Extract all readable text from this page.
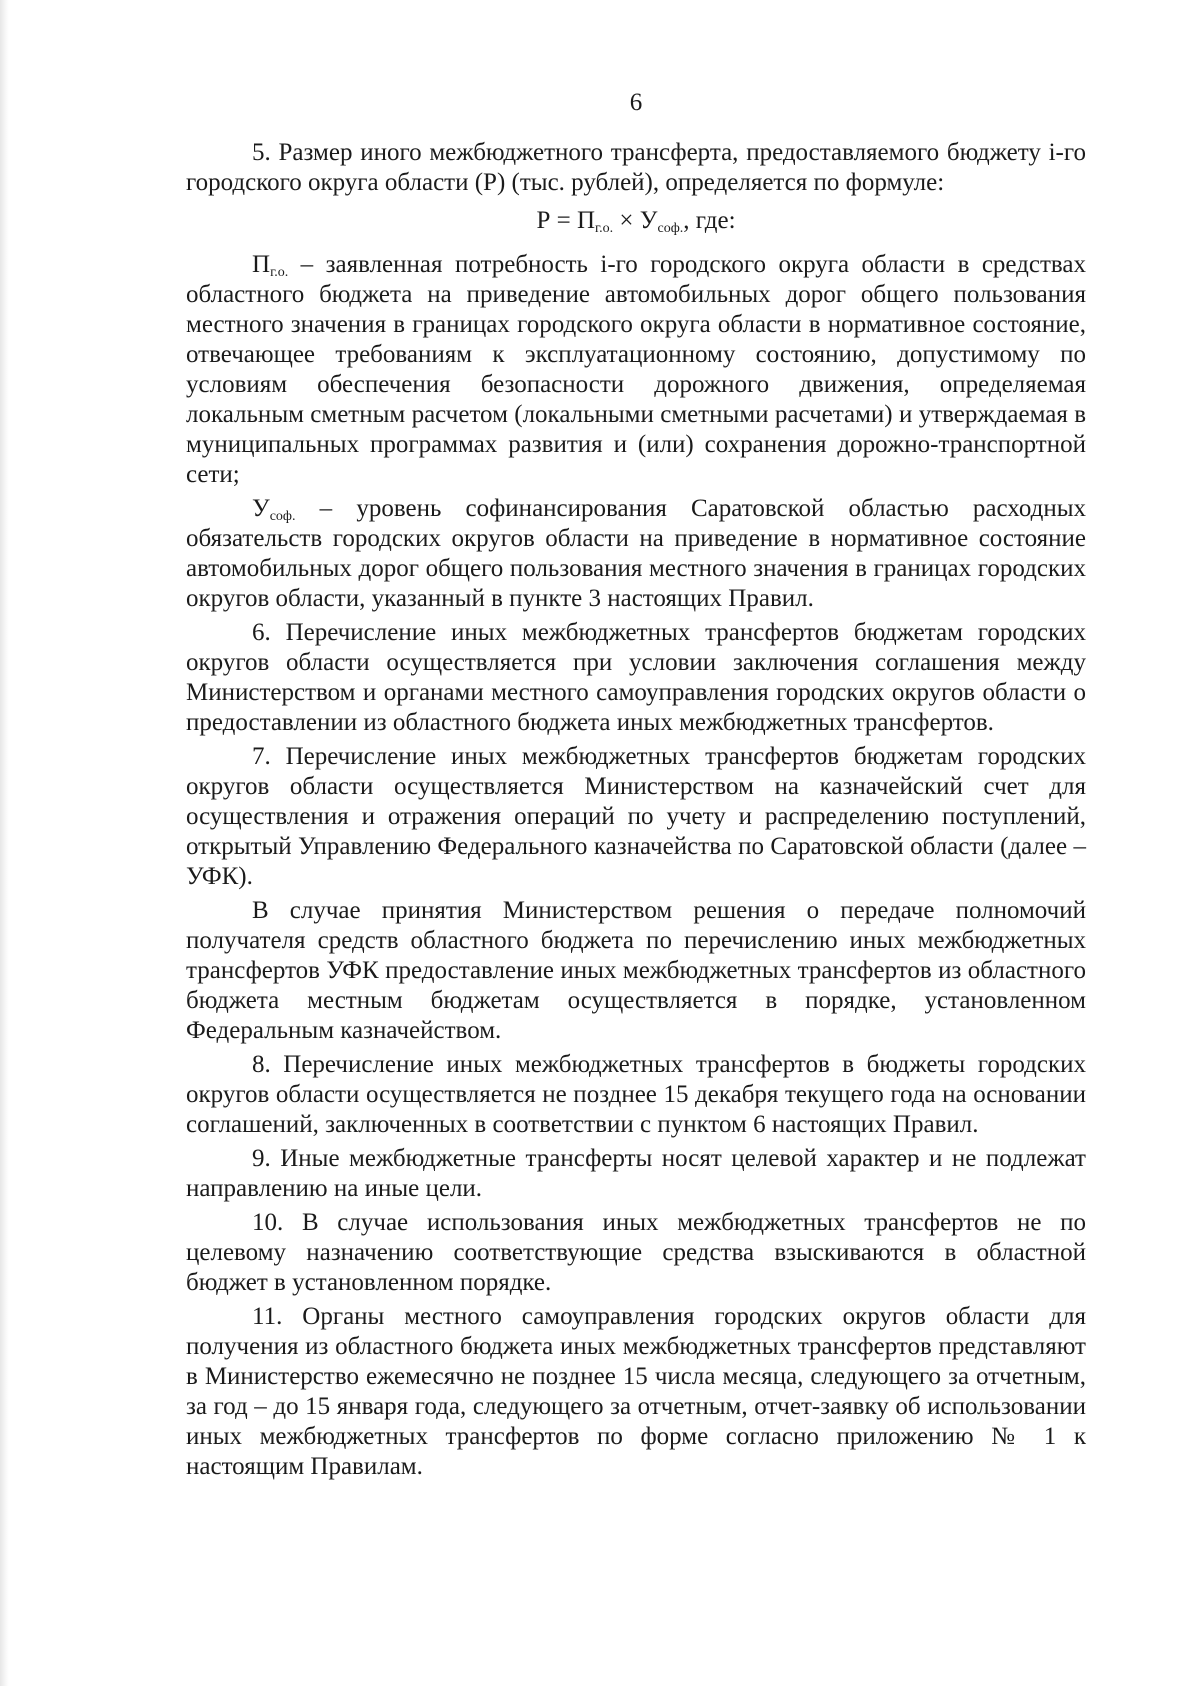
6

5. Размер иного межбюджетного трансферта, предоставляемого бюджету i-го городского округа области (Р) (тыс. рублей), определяется по формуле:

$Р = П_{г.о.} \times У_{соф.}$, где:

$П_{г.о.}$ – заявленная потребность i-го городского округа области в средствах областного бюджета на приведение автомобильных дорог общего пользования местного значения в границах городского округа области в нормативное состояние, отвечающее требованиям к эксплуатационному состоянию, допустимому по условиям обеспечения безопасности дорожного движения, определяемая локальным сметным расчетом (локальными сметными расчетами) и утверждаемая в муниципальных программах развития и (или) сохранения дорожно-транспортной сети;

$У_{соф.}$ – уровень софинансирования Саратовской областью расходных обязательств городских округов области на приведение в нормативное состояние автомобильных дорог общего пользования местного значения в границах городских округов области, указанный в пункте 3 настоящих Правил.

6. Перечисление иных межбюджетных трансфертов бюджетам городских округов области осуществляется при условии заключения соглашения между Министерством и органами местного самоуправления городских округов области о предоставлении из областного бюджета иных межбюджетных трансфертов.

7. Перечисление иных межбюджетных трансфертов бюджетам городских округов области осуществляется Министерством на казначейский счет для осуществления и отражения операций по учету и распределению поступлений, открытый Управлению Федерального казначейства по Саратовской области (далее – УФК).

В случае принятия Министерством решения о передаче полномочий получателя средств областного бюджета по перечислению иных межбюджетных трансфертов УФК предоставление иных межбюджетных трансфертов из областного бюджета местным бюджетам осуществляется в порядке, установленном Федеральным казначейством.

8. Перечисление иных межбюджетных трансфертов в бюджеты городских округов области осуществляется не позднее 15 декабря текущего года на основании соглашений, заключенных в соответствии с пунктом 6 настоящих Правил.

9. Иные межбюджетные трансферты носят целевой характер и не подлежат направлению на иные цели.

10. В случае использования иных межбюджетных трансфертов не по целевому назначению соответствующие средства взыскиваются в областной бюджет в установленном порядке.

11. Органы местного самоуправления городских округов области для получения из областного бюджета иных межбюджетных трансфертов представляют в Министерство ежемесячно не позднее 15 числа месяца, следующего за отчетным, за год – до 15 января года, следующего за отчетным, отчет-заявку об использовании иных межбюджетных трансфертов по форме согласно приложению № 1 к настоящим Правилам.
